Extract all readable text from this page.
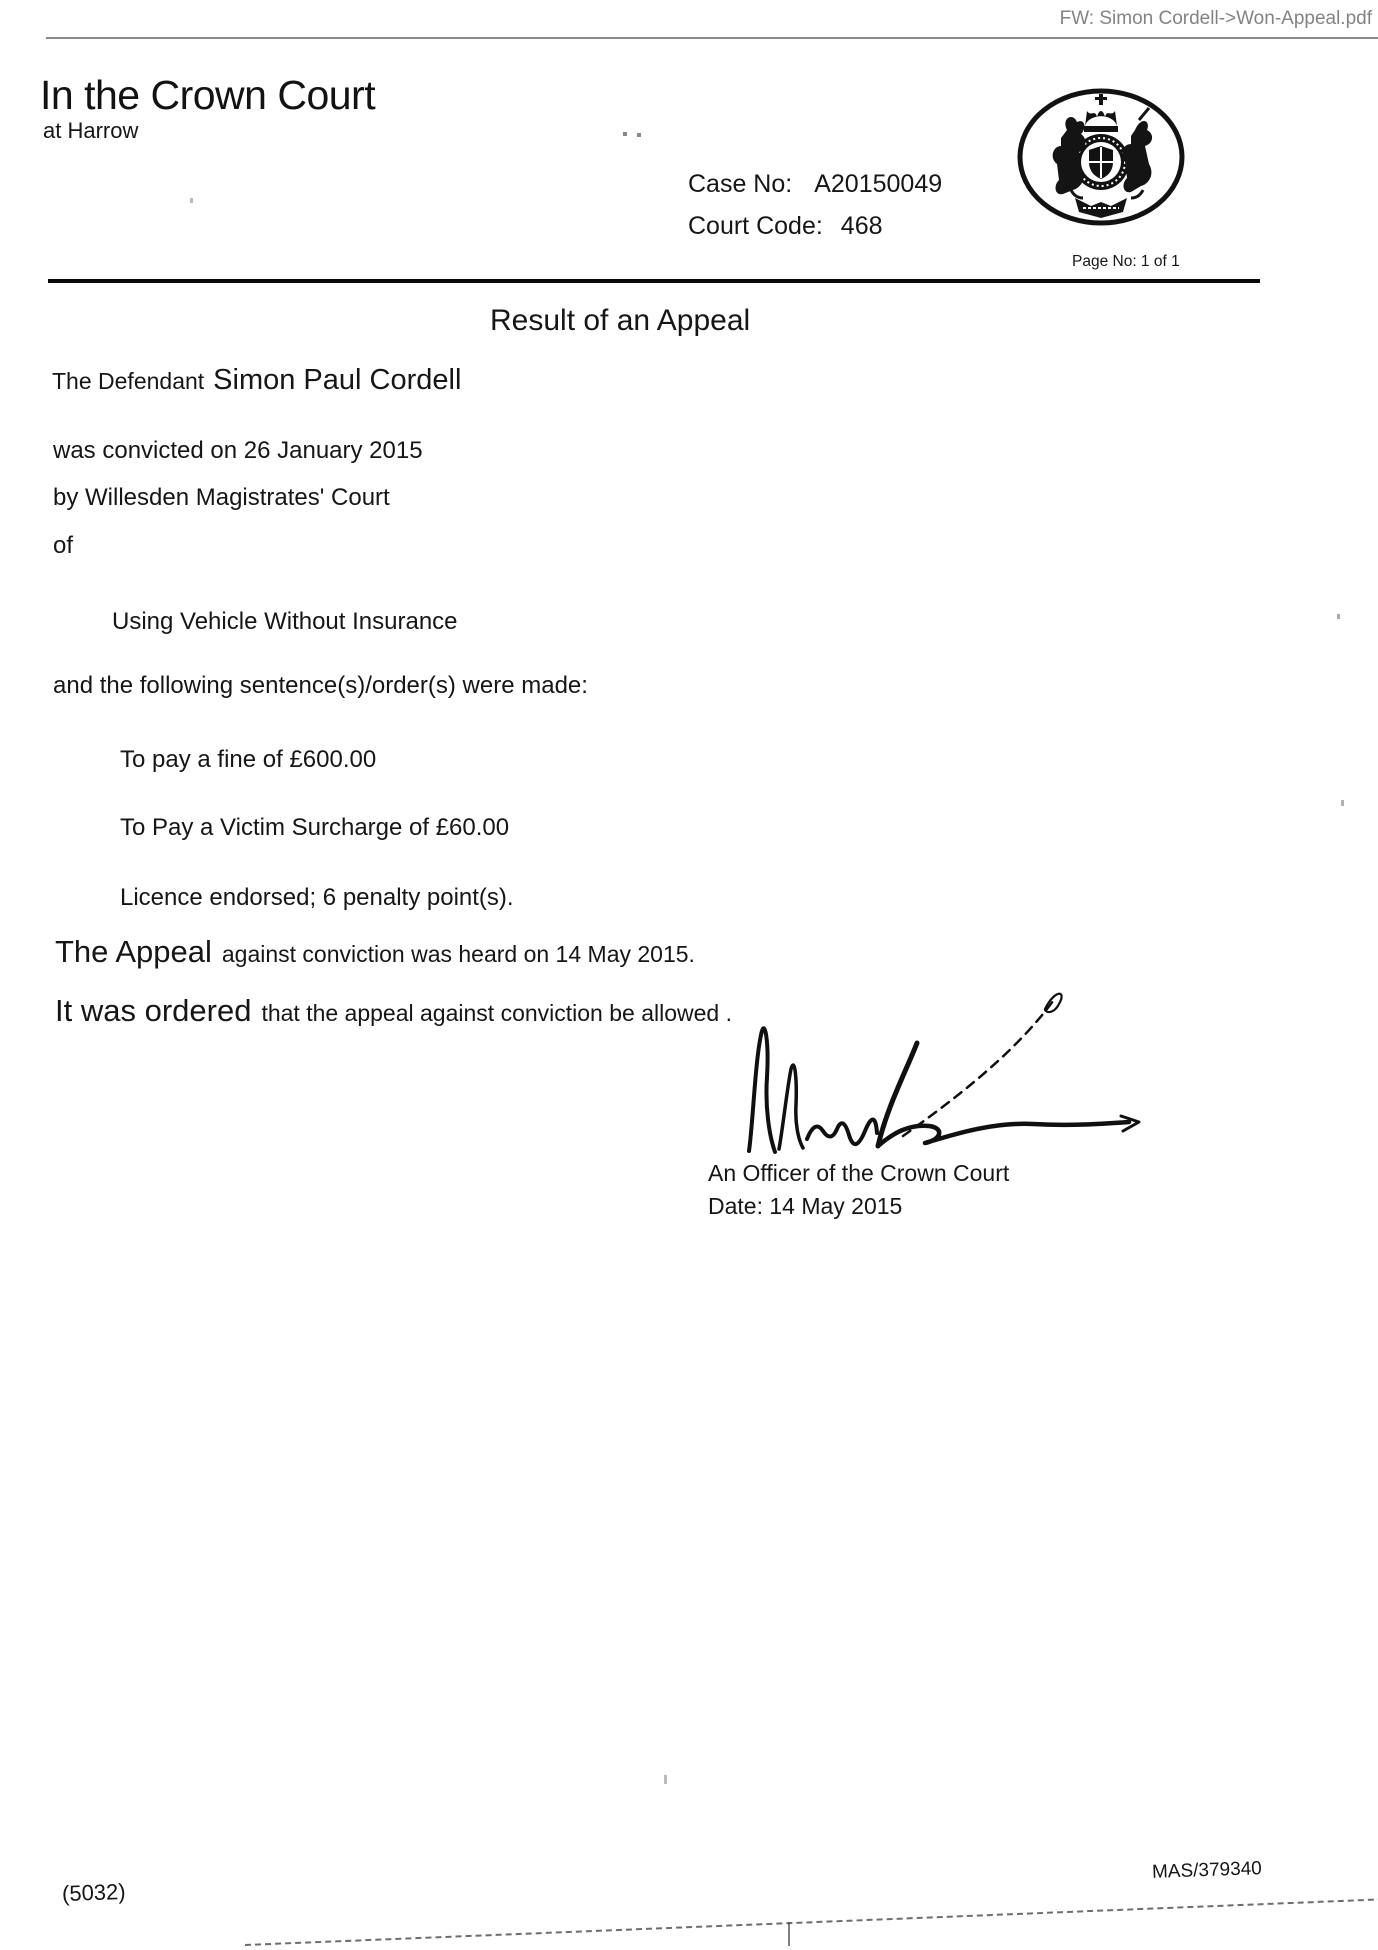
FW: Simon Cordell->Won-Appeal.pdf
In the Crown Court
at Harrow
Case No: A20150049
Court Code: 468
Page No: 1 of 1
Result of an Appeal
The Defendant Simon Paul Cordell
was convicted on 26 January 2015
by Willesden Magistrates' Court
of
Using Vehicle Without Insurance
and the following sentence(s)/order(s) were made:
To pay a fine of £600.00
To Pay a Victim Surcharge of £60.00
Licence endorsed; 6 penalty point(s).
The Appeal against conviction was heard on 14 May 2015.
It was ordered that the appeal against conviction be allowed .
An Officer of the Crown Court
Date: 14 May 2015
MAS/379340
(5032)
